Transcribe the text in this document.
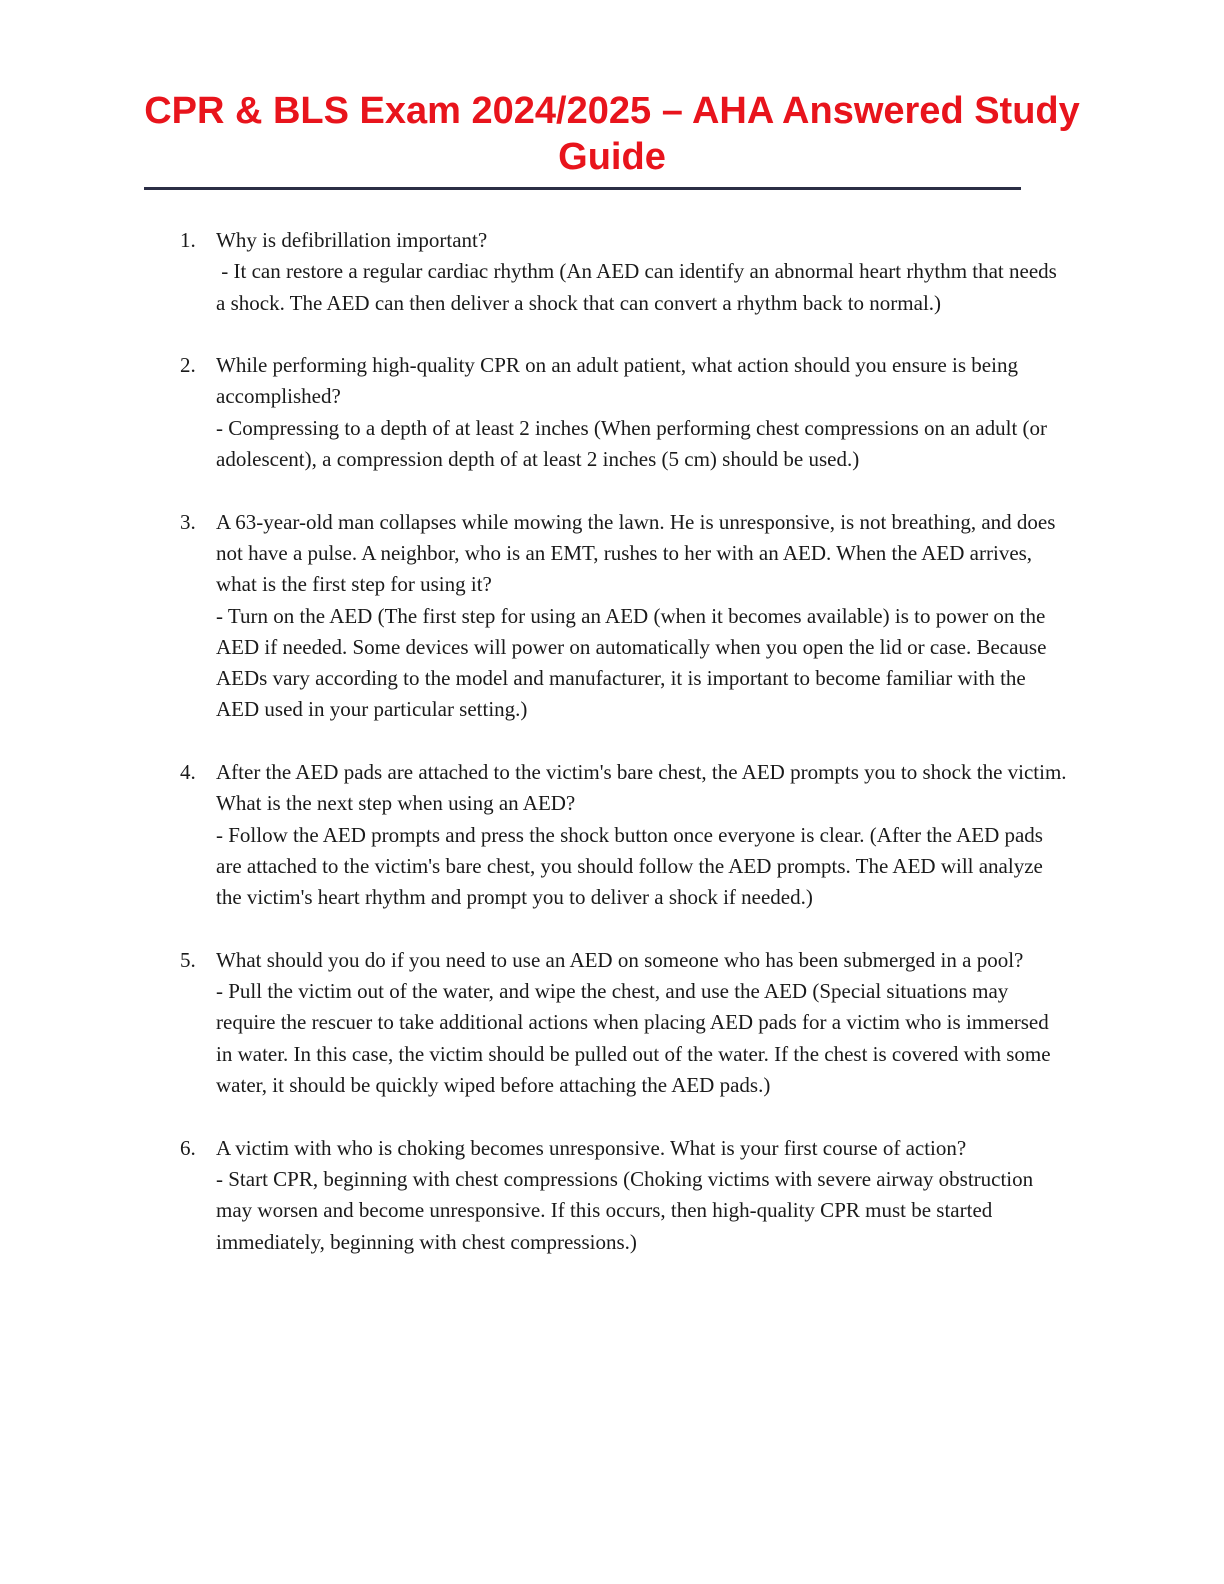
CPR & BLS Exam 2024/2025 – AHA Answered Study Guide
1. Why is defibrillation important?
- It can restore a regular cardiac rhythm (An AED can identify an abnormal heart rhythm that needs a shock. The AED can then deliver a shock that can convert a rhythm back to normal.)
2. While performing high-quality CPR on an adult patient, what action should you ensure is being accomplished?
- Compressing to a depth of at least 2 inches (When performing chest compressions on an adult (or adolescent), a compression depth of at least 2 inches (5 cm) should be used.)
3. A 63-year-old man collapses while mowing the lawn. He is unresponsive, is not breathing, and does not have a pulse. A neighbor, who is an EMT, rushes to her with an AED. When the AED arrives, what is the first step for using it?
- Turn on the AED (The first step for using an AED (when it becomes available) is to power on the AED if needed. Some devices will power on automatically when you open the lid or case. Because AEDs vary according to the model and manufacturer, it is important to become familiar with the AED used in your particular setting.)
4. After the AED pads are attached to the victim's bare chest, the AED prompts you to shock the victim. What is the next step when using an AED?
- Follow the AED prompts and press the shock button once everyone is clear. (After the AED pads are attached to the victim's bare chest, you should follow the AED prompts. The AED will analyze the victim's heart rhythm and prompt you to deliver a shock if needed.)
5. What should you do if you need to use an AED on someone who has been submerged in a pool?
- Pull the victim out of the water, and wipe the chest, and use the AED (Special situations may require the rescuer to take additional actions when placing AED pads for a victim who is immersed in water. In this case, the victim should be pulled out of the water. If the chest is covered with some water, it should be quickly wiped before attaching the AED pads.)
6. A victim with who is choking becomes unresponsive. What is your first course of action?
- Start CPR, beginning with chest compressions (Choking victims with severe airway obstruction may worsen and become unresponsive. If this occurs, then high-quality CPR must be started immediately, beginning with chest compressions.)
